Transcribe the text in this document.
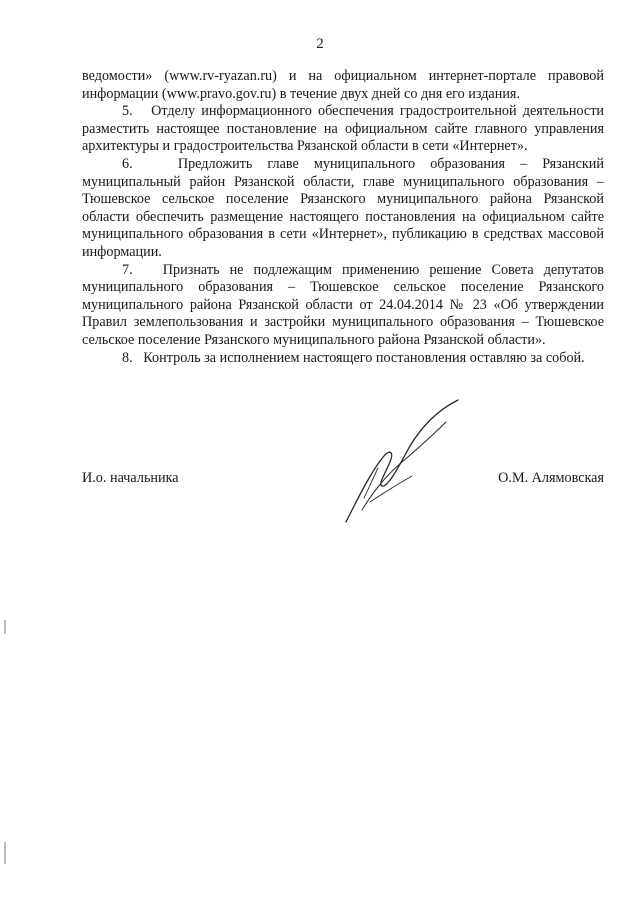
2

ведомости» (www.rv-ryazan.ru) и на официальном интернет-портале правовой информации (www.pravo.gov.ru) в течение двух дней со дня его издания.

5.   Отделу информационного обеспечения градостроительной деятельности разместить настоящее постановление на официальном сайте главного управления архитектуры и градостроительства Рязанской области в сети «Интернет».

6.   Предложить главе муниципального образования – Рязанский муниципальный район Рязанской области, главе муниципального образования – Тюшевское сельское поселение Рязанского муниципального района Рязанской области обеспечить размещение настоящего постановления на официальном сайте муниципального образования в сети «Интернет», публикацию в средствах массовой информации.

7.   Признать не подлежащим применению решение Совета депутатов муниципального образования – Тюшевское сельское поселение Рязанского муниципального района Рязанской области от 24.04.2014 № 23 «Об утверждении Правил землепользования и застройки муниципального образования – Тюшевское сельское поселение Рязанского муниципального района Рязанской области».

8.   Контроль за исполнением настоящего постановления оставляю за собой.

И.о. начальника	О.М. Алямовская
